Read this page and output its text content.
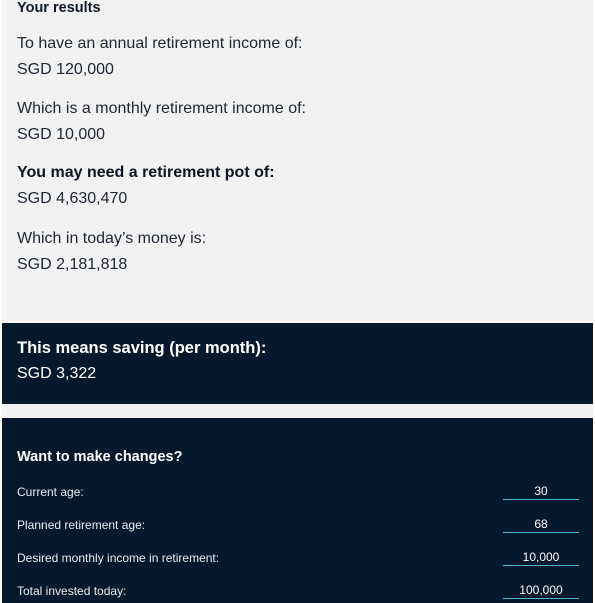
Your results
To have an annual retirement income of:
SGD 120,000
Which is a monthly retirement income of:
SGD 10,000
You may need a retirement pot of:
SGD 4,630,470
Which in today’s money is:
SGD 2,181,818
This means saving (per month):
SGD 3,322
Want to make changes?
Current age:
30
Planned retirement age:
68
Desired monthly income in retirement:
10,000
Total invested today:
100,000
